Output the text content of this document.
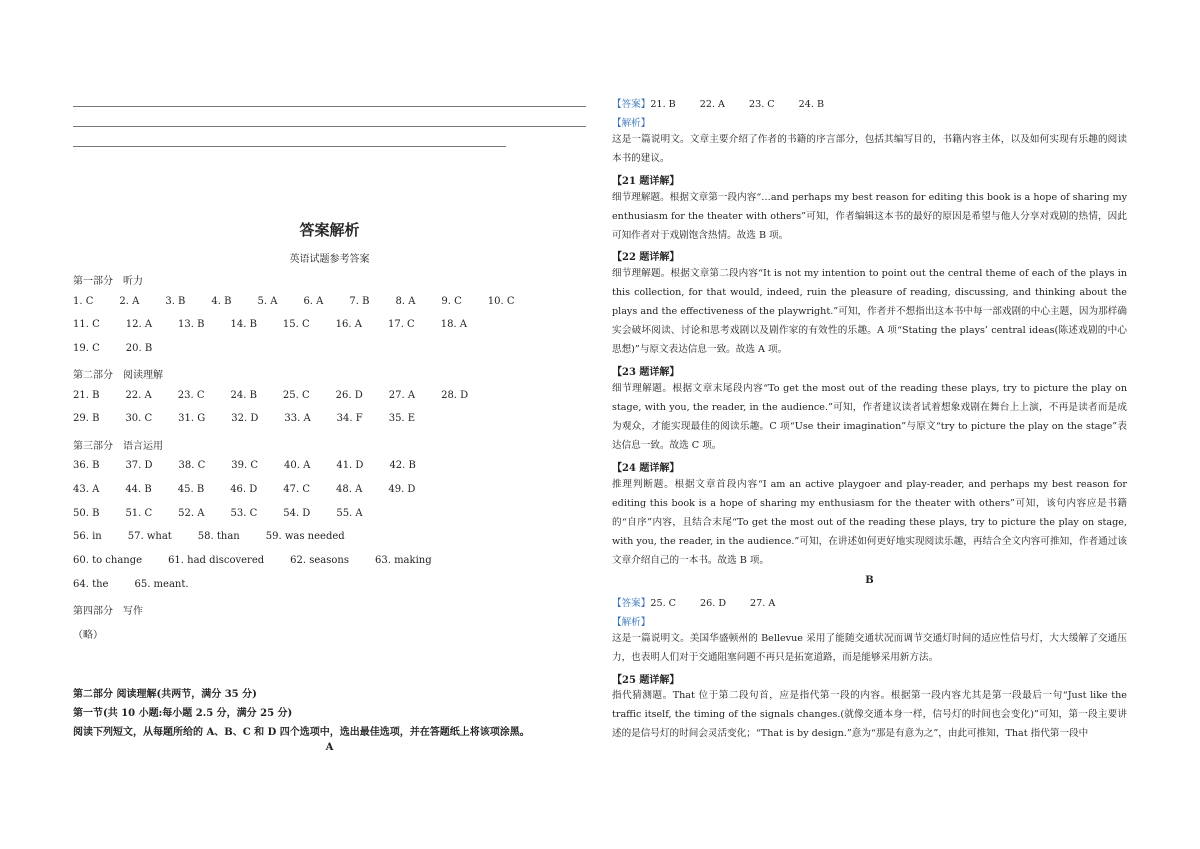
答案解析
英语试题参考答案
第一部分　听力
1. C	2. A	3. B	4. B	5. A	6. A	7. B	8. A	9. C	10. C
11. C	12. A	13. B	14. B	15. C	16. A	17. C	18. A
19. C	20. B
第二部分　阅读理解
21. B	22. A	23. C	24. B	25. C	26. D	27. A	28. D
29. B	30. C	31. G	32. D	33. A	34. F	35. E
第三部分　语言运用
36. B	37. D	38. C	39. C	40. A	41. D	42. B
43. A	44. B	45. B	46. D	47. C	48. A	49. D
50. B	51. C	52. A	53. C	54. D	55. A
56. in	57. what	58. than	59. was needed
60. to change	61. had discovered	62. seasons	63. making
64. the	65. meant.
第四部分　写作
（略）
第二部分 阅读理解(共两节，满分 35 分)
第一节(共 10 小题:每小题 2.5 分，满分 25 分)
阅读下列短文，从每题所给的 A、B、C 和 D 四个选项中，选出最佳选项，并在答题纸上将该项涂黑。
A
【答案】21. B	22. A	23. C	24. B
【解析】
这是一篇说明文。文章主要介绍了作者的书籍的序言部分，包括其编写目的，书籍内容主体，以及如何实现有乐趣的阅读本书的建议。
【21 题详解】
细节理解题。根据文章第一段内容“…and perhaps my best reason for editing this book is a hope of sharing my enthusiasm for the theater with others”可知，作者编辑这本书的最好的原因是希望与他人分享对戏剧的热情，因此可知作者对于戏剧饱含热情。故选 B 项。
【22 题详解】
细节理解题。根据文章第二段内容“It is not my intention to point out the central theme of each of the plays in this collection, for that would, indeed, ruin the pleasure of reading, discussing, and thinking about the plays and the effectiveness of the playwright.”可知，作者并不想指出这本书中每一部戏剧的中心主题，因为那样确实会破坏阅读、讨论和思考戏剧以及剧作家的有效性的乐趣。A 项“Stating the plays’ central ideas(陈述戏剧的中心思想)”与原文表达信息一致。故选 A 项。
【23 题详解】
细节理解题。根据文章末尾段内容“To get the most out of the reading these plays, try to picture the play on stage, with you, the reader, in the audience.”可知，作者建议读者试着想象戏剧在舞台上上演，不再是读者而是成为观众，才能实现最佳的阅读乐趣。C 项“Use their imagination”与原文“try to picture the play on the stage”表达信息一致。故选 C 项。
【24 题详解】
推理判断题。根据文章首段内容“I am an active playgoer and play-reader, and perhaps my best reason for editing this book is a hope of sharing my enthusiasm for the theater with others”可知，该句内容应是书籍的“自序”内容，且结合末尾“To get the most out of the reading these plays, try to picture the play on stage, with you, the reader, in the audience.”可知，在讲述如何更好地实现阅读乐趣，再结合全文内容可推知，作者通过该文章介绍自己的一本书。故选 B 项。
B
【答案】25. C	26. D	27. A
【解析】
这是一篇说明文。美国华盛顿州的 Bellevue 采用了能随交通状况而调节交通灯时间的适应性信号灯，大大缓解了交通压力，也表明人们对于交通阻塞问题不再只是拓宽道路，而是能够采用新方法。
【25 题详解】
指代猜测题。That 位于第二段句首，应是指代第一段的内容。根据第一段内容尤其是第一段最后一句“Just like the traffic itself, the timing of the signals changes.(就像交通本身一样，信号灯的时间也会变化)”可知，第一段主要讲述的是信号灯的时间会灵活变化；“That is by design.”意为“那是有意为之”，由此可推知，That 指代第一段中
